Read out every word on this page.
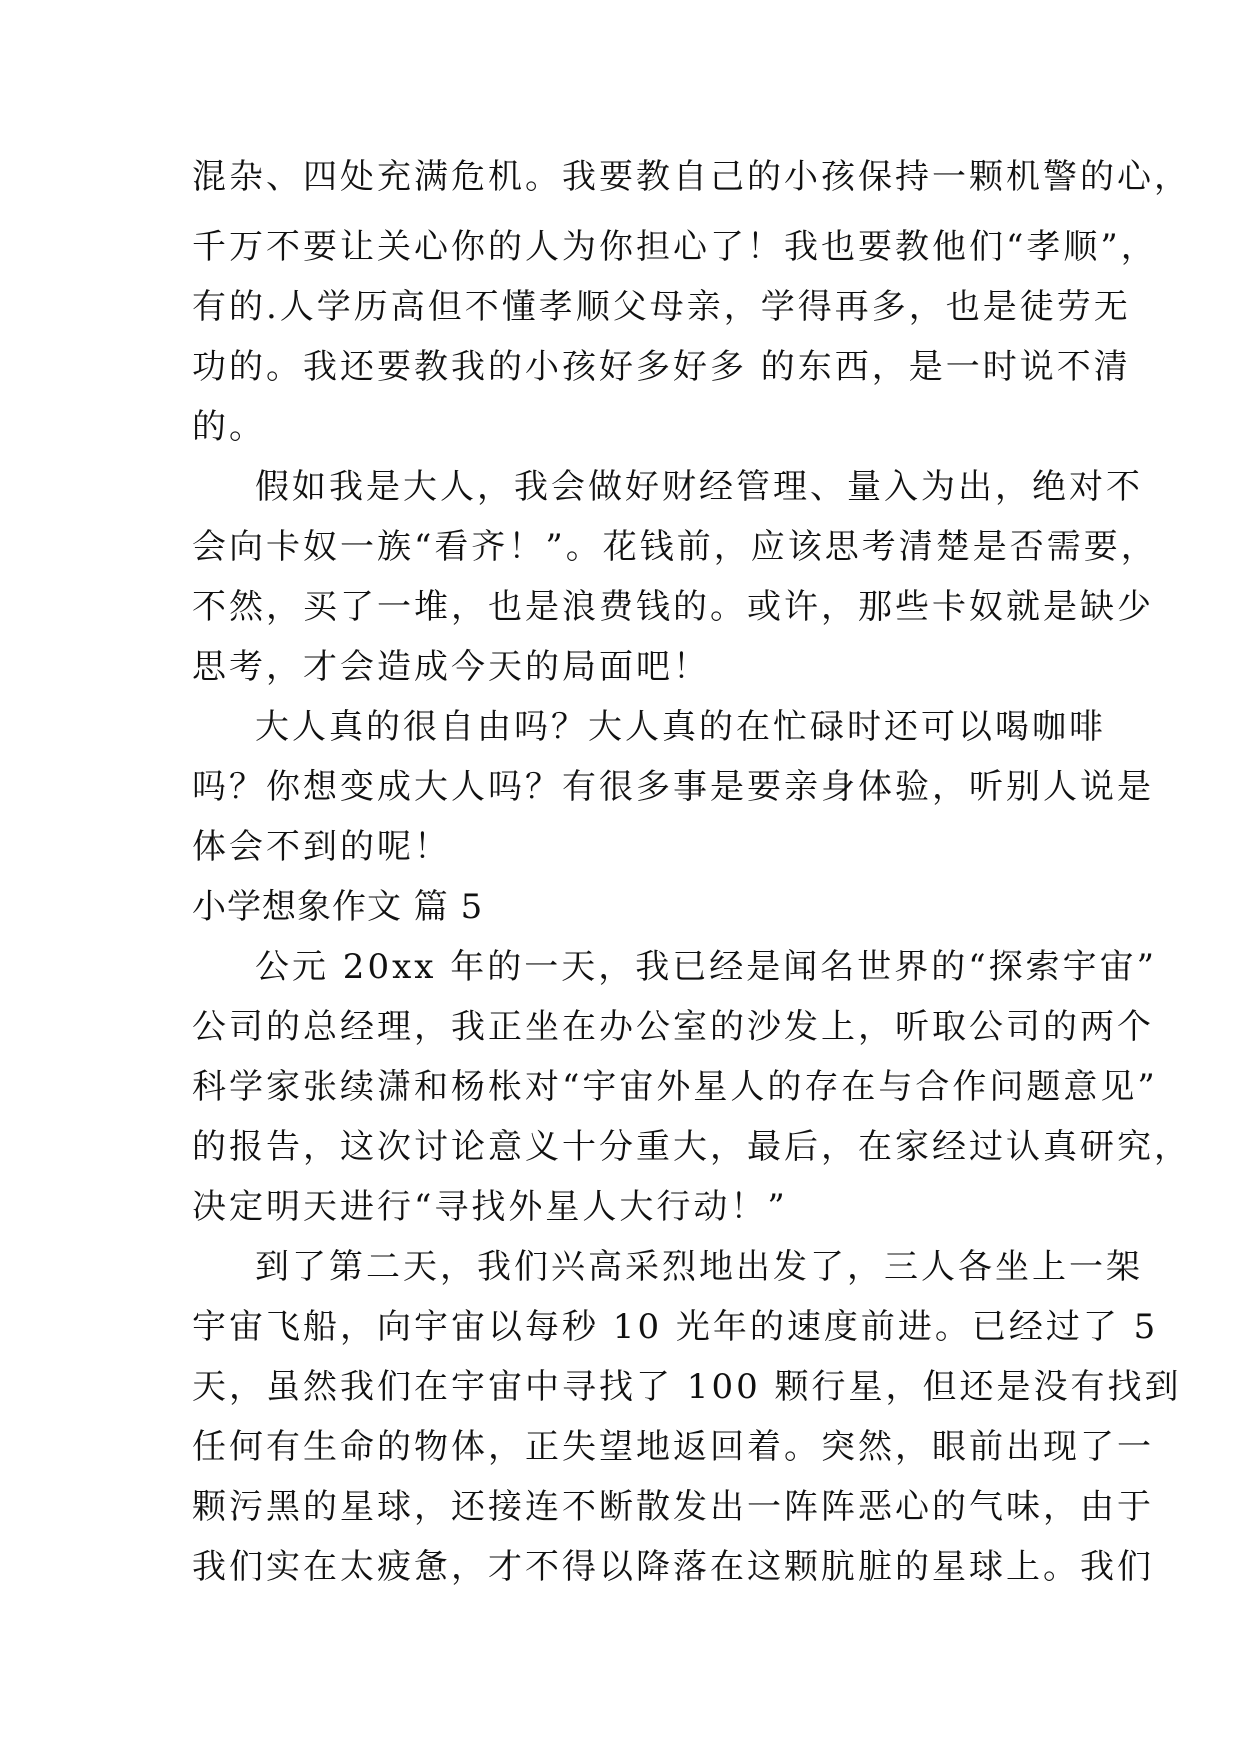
混杂、四处充满危机。我要教自己的小孩保持一颗机警的心，
千万不要让关心你的人为你担心了！我也要教他们“孝顺”，
有的.人学历高但不懂孝顺父母亲，学得再多，也是徒劳无
功的。我还要教我的小孩好多好多 的东西，是一时说不清
的。
假如我是大人，我会做好财经管理、量入为出，绝对不
会向卡奴一族“看齐！”。花钱前，应该思考清楚是否需要，
不然，买了一堆，也是浪费钱的。或许，那些卡奴就是缺少
思考，才会造成今天的局面吧！
大人真的很自由吗？大人真的在忙碌时还可以喝咖啡
吗？你想变成大人吗？有很多事是要亲身体验，听别人说是
体会不到的呢！
小学想象作文 篇 5
公元 20xx 年的一天，我已经是闻名世界的“探索宇宙”
公司的总经理，我正坐在办公室的沙发上，听取公司的两个
科学家张续潇和杨枨对“宇宙外星人的存在与合作问题意见”
的报告，这次讨论意义十分重大，最后，在家经过认真研究，
决定明天进行“寻找外星人大行动！”
到了第二天，我们兴高采烈地出发了，三人各坐上一架
宇宙飞船，向宇宙以每秒 10 光年的速度前进。已经过了 5
天，虽然我们在宇宙中寻找了 100 颗行星，但还是没有找到
任何有生命的物体，正失望地返回着。突然，眼前出现了一
颗污黑的星球，还接连不断散发出一阵阵恶心的气味，由于
我们实在太疲惫，才不得以降落在这颗肮脏的星球上。我们
